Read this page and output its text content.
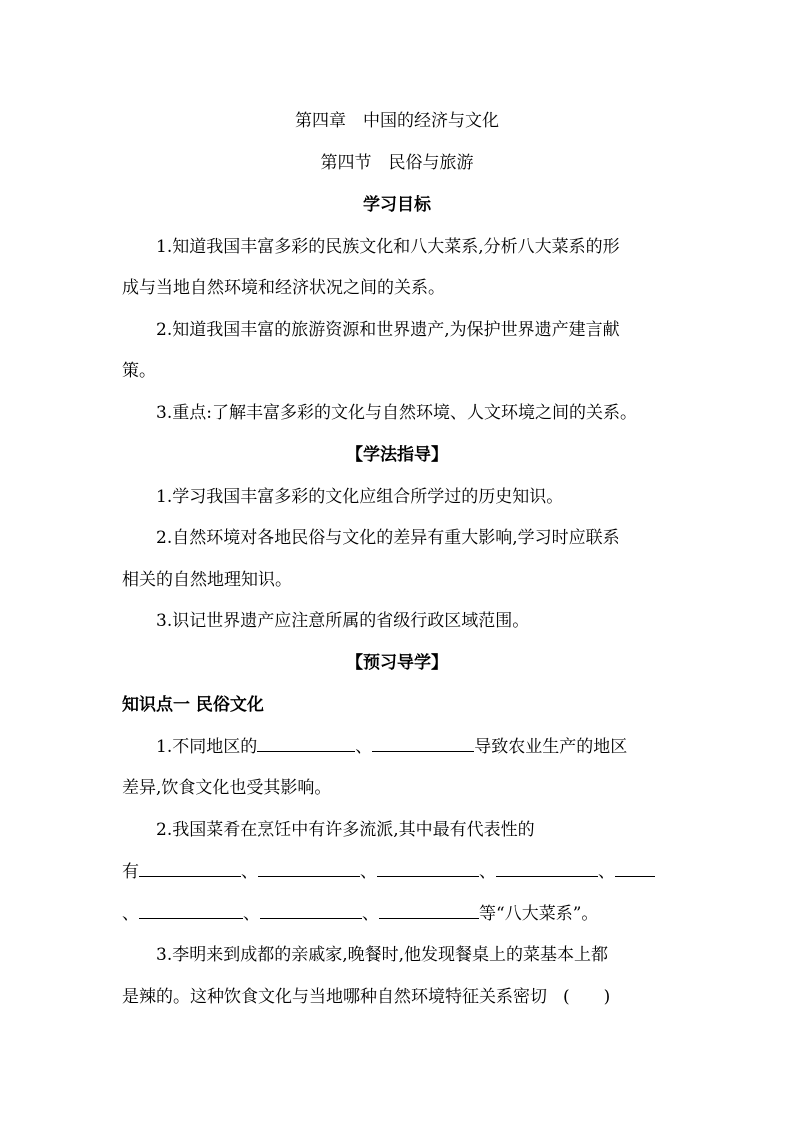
第四章　中国的经济与文化
第四节　民俗与旅游
学习目标
1.知道我国丰富多彩的民族文化和八大菜系,分析八大菜系的形
成与当地自然环境和经济状况之间的关系。
2.知道我国丰富的旅游资源和世界遗产,为保护世界遗产建言献
策。
3.重点:了解丰富多彩的文化与自然环境、人文环境之间的关系。
【学法指导】
1.学习我国丰富多彩的文化应组合所学过的历史知识。
2.自然环境对各地民俗与文化的差异有重大影响,学习时应联系
相关的自然地理知识。
3.识记世界遗产应注意所属的省级行政区域范围。
【预习导学】
知识点一 民俗文化
1.不同地区的	、	导致农业生产的地区
差异,饮食文化也受其影响。
2.我国菜肴在烹饪中有许多流派,其中最有代表性的
有	、	、	、	、
、	、	、	等“八大菜系”。
3.李明来到成都的亲戚家,晚餐时,他发现餐桌上的菜基本上都
是辣的。这种饮食文化与当地哪种自然环境特征关系密切 (　　)
